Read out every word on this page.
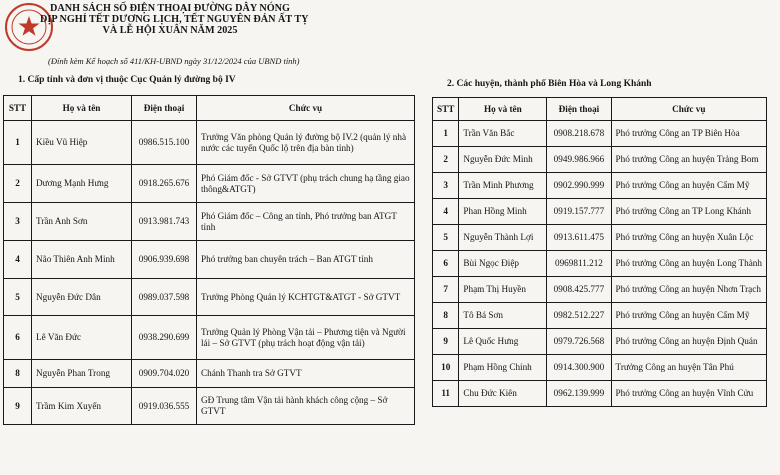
DANH SÁCH SỐ ĐIỆN THOẠI ĐƯỜNG DÂY NÓNG
DỊP NGHỈ TẾT DƯƠNG LỊCH, TẾT NGUYÊN ĐÁN ẤT TỴ
VÀ LỄ HỘI XUÂN NĂM 2025
(Đính kèm Kế hoạch số 411/KH-UBND ngày 31/12/2024 của UBND tỉnh)
1. Cấp tỉnh và đơn vị thuộc Cục Quản lý đường bộ IV	2. Các huyện, thành phố Biên Hòa và Long Khánh
STT	Họ và tên	Điện thoại	Chức vụ
1	Kiều Vũ Hiệp	0986.515.100	Trưởng Văn phòng Quản lý đường bộ IV.2 (quản lý nhà nước các tuyến Quốc lộ trên địa bàn tỉnh)
2	Dương Mạnh Hưng	0918.265.676	Phó Giám đốc - Sở GTVT (phụ trách chung hạ tầng giao thông&ATGT)
3	Trần Anh Sơn	0913.981.743	Phó Giám đốc – Công an tỉnh, Phó trưởng ban ATGT tỉnh
4	Não Thiên Anh Minh	0906.939.698	Phó trưởng ban chuyên trách – Ban ATGT tỉnh
5	Nguyễn Đức Dân	0989.037.598	Trưởng Phòng Quản lý KCHTGT&ATGT - Sở GTVT
6	Lê Văn Đức	0938.290.699	Trưởng Quản lý Phòng Vận tải – Phương tiện và Người lái – Sở GTVT (phụ trách hoạt động vận tải)
8	Nguyễn Phan Trong	0909.704.020	Chánh Thanh tra Sở GTVT
9	Trầm Kim Xuyến	0919.036.555	GĐ Trung tâm Vận tải hành khách công cộng – Sở GTVT
STT	Họ và tên	Điện thoại	Chức vụ
1	Trần Văn Bắc	0908.218.678	Phó trưởng Công an TP Biên Hòa
2	Nguyễn Đức Minh	0949.986.966	Phó trưởng Công an huyện Trảng Bom
3	Trần Minh Phương	0902.990.999	Phó trưởng Công an huyện Cẩm Mỹ
4	Phan Hồng Minh	0919.157.777	Phó trưởng Công an TP Long Khánh
5	Nguyễn Thành Lợi	0913.611.475	Phó trưởng Công an huyện Xuân Lộc
6	Bùi Ngọc Điệp	0969811.212	Phó trưởng Công an huyện Long Thành
7	Phạm Thị Huyền	0908.425.777	Phó trưởng Công an huyện Nhơn Trạch
8	Tô Bá Sơn	0982.512.227	Phó trưởng Công an huyện Cẩm Mỹ
9	Lê Quốc Hưng	0979.726.568	Phó trưởng Công an huyện Định Quán
10	Phạm Hồng Chính	0914.300.900	Trưởng Công an huyện Tân Phú
11	Chu Đức Kiên	0962.139.999	Phó trưởng Công an huyện Vĩnh Cửu
